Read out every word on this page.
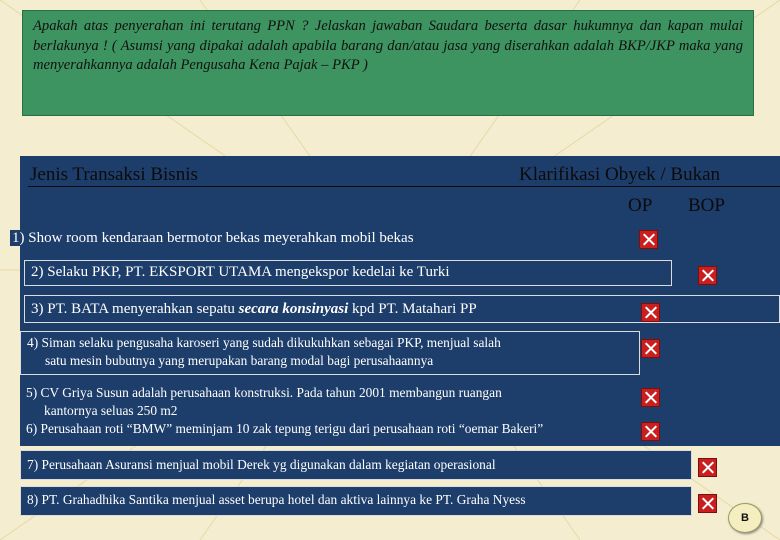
Apakah atas penyerahan ini terutang PPN ? Jelaskan jawaban Saudara beserta dasar hukumnya dan kapan mulai berlakunya ! ( Asumsi yang dipakai adalah apabila barang dan/atau jasa yang diserahkan adalah BKP/JKP maka yang menyerahkannya adalah Pengusaha Kena Pajak – PKP )
Jenis Transaksi Bisnis	Klarifikasi Obyek / Bukan
OP BOP
1) Show room kendaraan bermotor bekas meyerahkan mobil bekas
2) Selaku PKP, PT. EKSPORT UTAMA mengekspor kedelai ke Turki
3) PT. BATA menyerahkan sepatu secara konsinyasi kpd PT. Matahari PP
4) Siman selaku pengusaha karoseri yang sudah dikukuhkan sebagai PKP, menjual salah
satu mesin bubutnya yang merupakan barang modal bagi perusahaannya
5) CV Griya Susun adalah perusahaan konstruksi. Pada tahun 2001 membangun ruangan
kantornya seluas 250 m2
6) Perusahaan roti “BMW” meminjam 10 zak tepung terigu dari perusahaan roti “oemar Bakeri”
7) Perusahaan Asuransi menjual mobil Derek yg digunakan dalam kegiatan operasional
8) PT. Grahadhika Santika menjual asset berupa hotel dan aktiva lainnya ke PT. Graha Nyess
B
